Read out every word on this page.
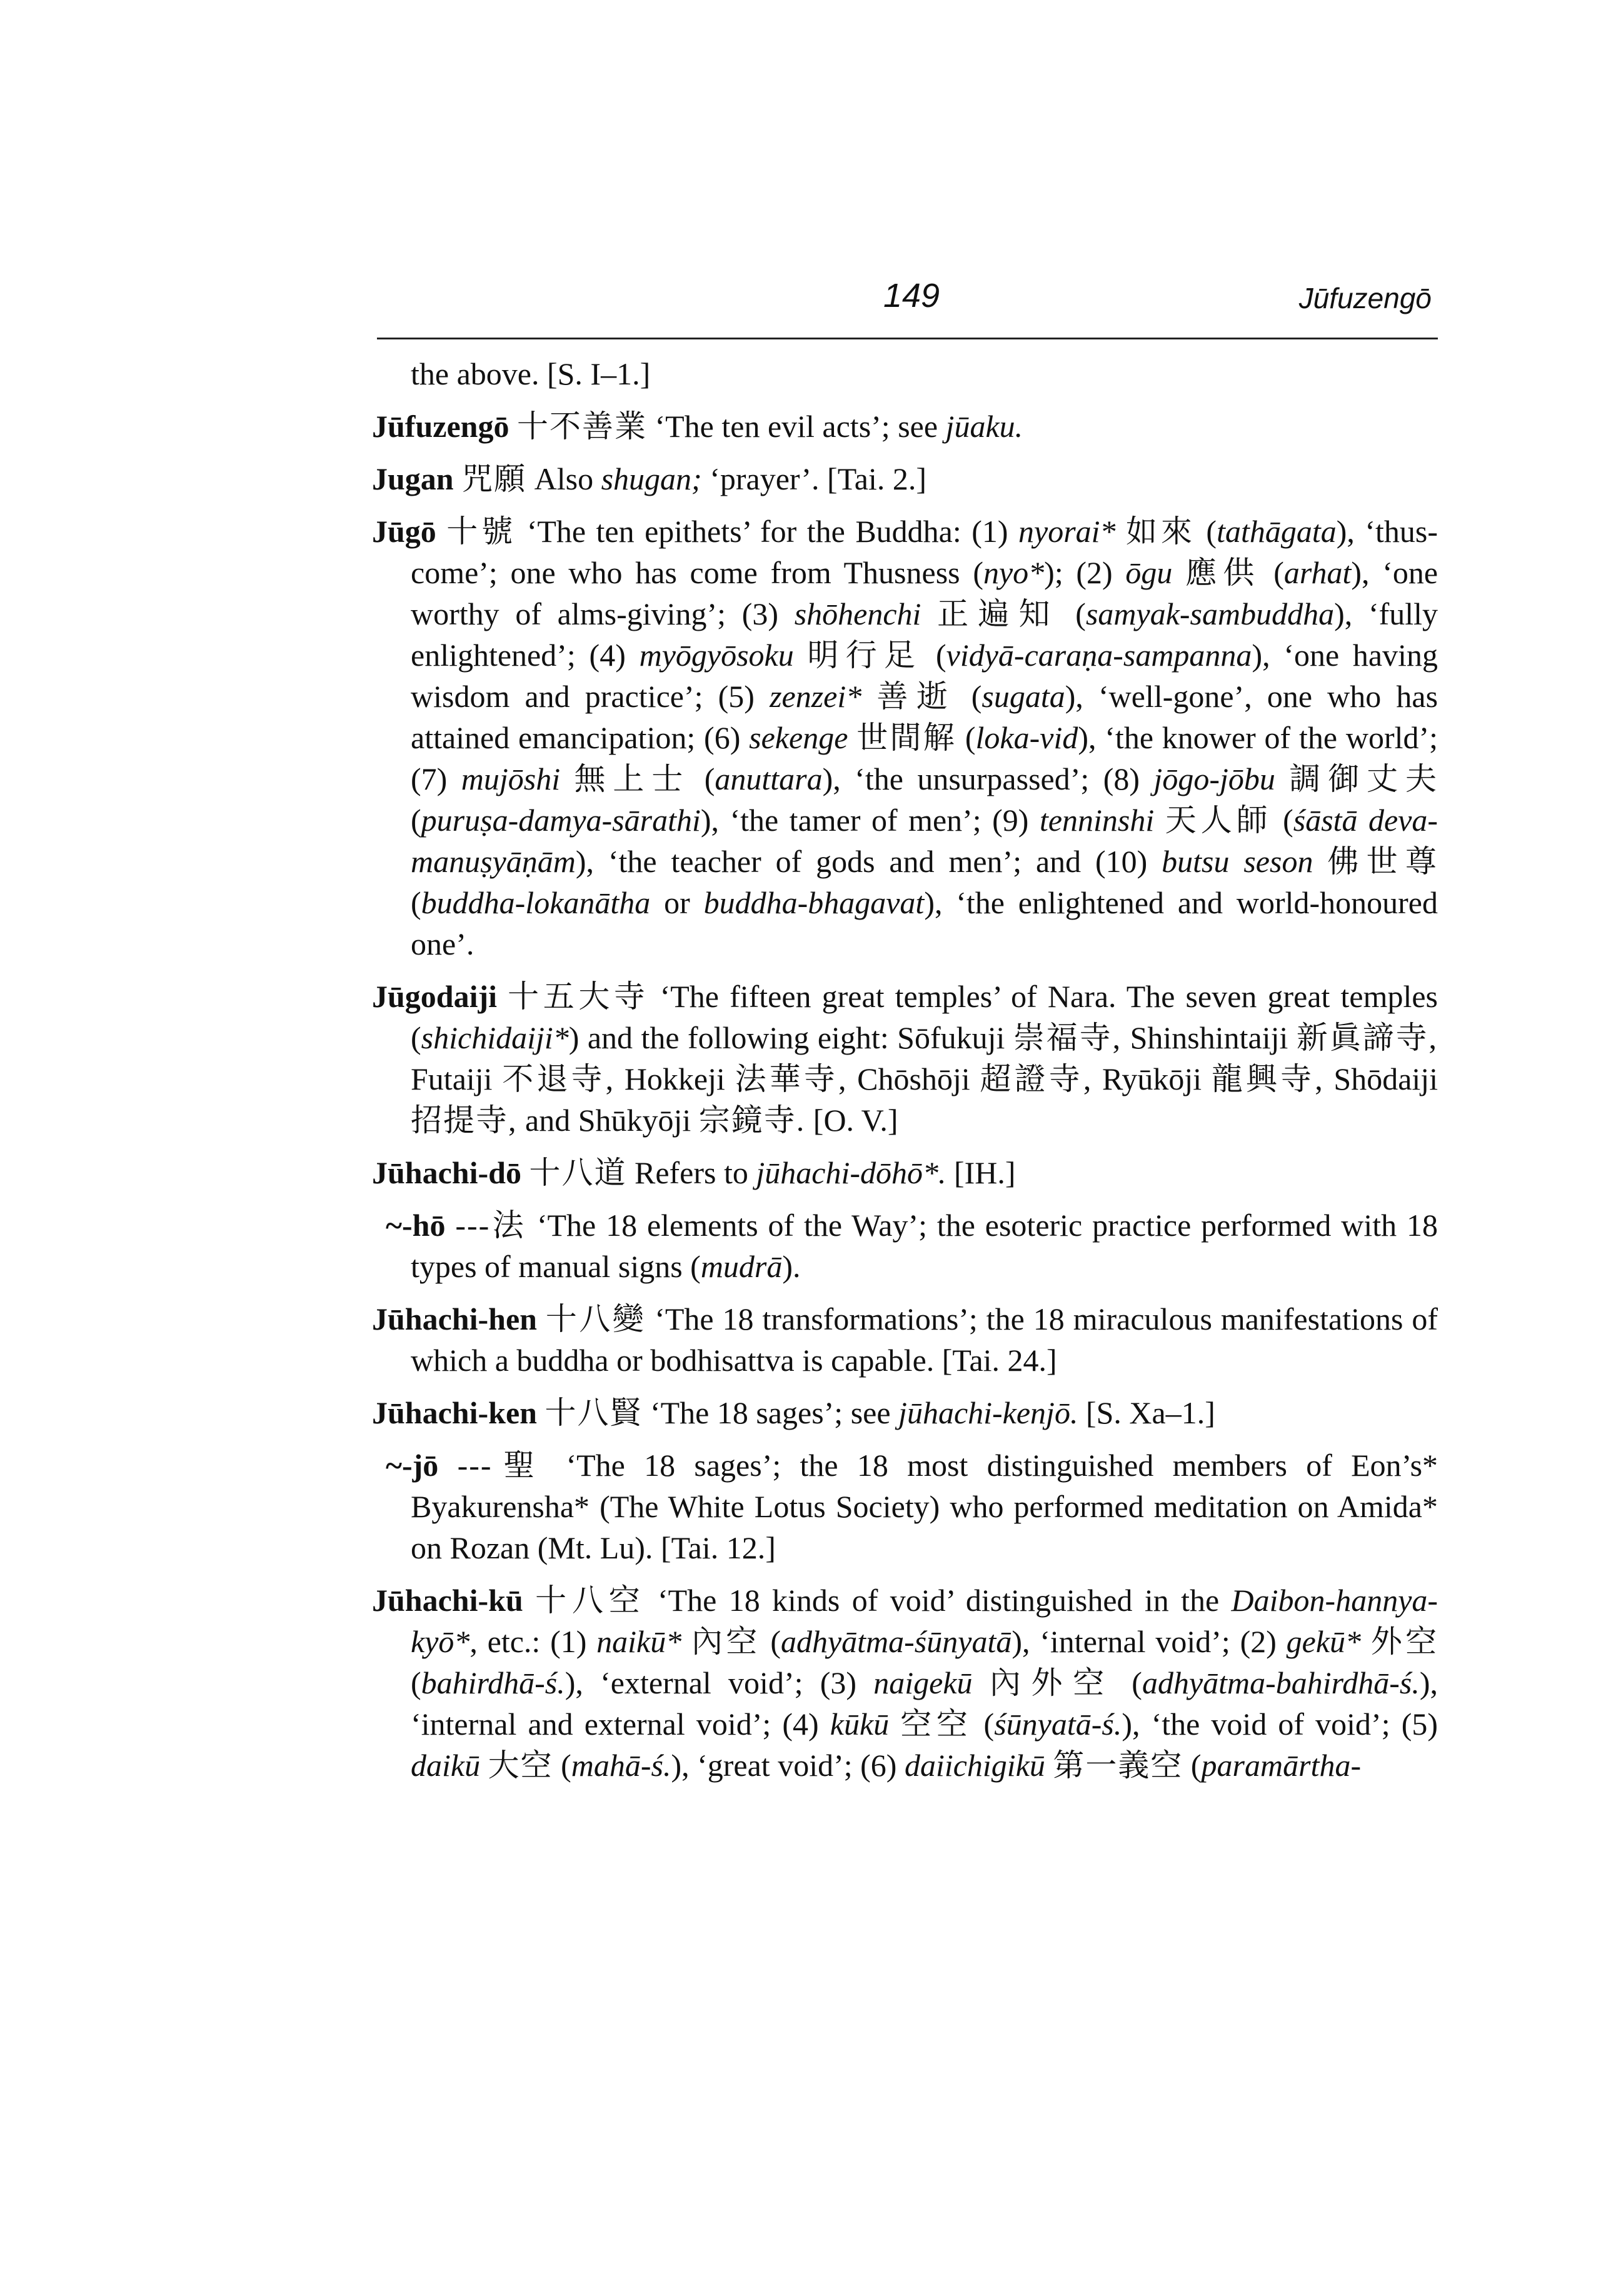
149	Jūfuzengō

the above. [S. I–1.]

Jūfuzengō 十不善業 ‘The ten evil acts’; see jūaku.

Jugan 咒願 Also shugan; ‘prayer’. [Tai. 2.]

Jūgō 十號 ‘The ten epithets’ for the Buddha: (1) nyorai* 如來 (tathāgata), ‘thus-come’; one who has come from Thusness (nyo*); (2) ōgu 應供 (arhat), ‘one worthy of alms-giving’; (3) shōhenchi 正遍知 (samyak-sambuddha), ‘fully enlightened’; (4) myōgyōsoku 明行足 (vidyā-caraṇa-sampanna), ‘one having wisdom and practice’; (5) zenzei* 善逝 (sugata), ‘well-gone’, one who has attained emancipation; (6) sekenge 世間解 (loka-vid), ‘the knower of the world’; (7) mujōshi 無上士 (anuttara), ‘the unsurpassed’; (8) jōgo-jōbu 調御丈夫 (puruṣa-damya-sārathi), ‘the tamer of men’; (9) tenninshi 天人師 (śāstā deva-manuṣyāṇām), ‘the teacher of gods and men’; and (10) butsu seson 佛世尊 (buddha-lokanātha or buddha-bhagavat), ‘the enlightened and world-honoured one’.

Jūgodaiji 十五大寺 ‘The fifteen great temples’ of Nara. The seven great temples (shichidaiji*) and the following eight: Sōfukuji 崇福寺, Shinshintaiji 新眞諦寺, Futaiji 不退寺, Hokkeji 法華寺, Chōshōji 超證寺, Ryūkōji 龍興寺, Shōdaiji 招提寺, and Shūkyōji 宗鏡寺. [O. V.]

Jūhachi-dō 十八道 Refers to jūhachi-dōhō*. [IH.]

~-hō ---法 ‘The 18 elements of the Way’; the esoteric practice performed with 18 types of manual signs (mudrā).

Jūhachi-hen 十八變 ‘The 18 transformations’; the 18 miraculous manifestations of which a buddha or bodhisattva is capable. [Tai. 24.]

Jūhachi-ken 十八賢 ‘The 18 sages’; see jūhachi-kenjō. [S. Xa–1.]

~-jō ---聖 ‘The 18 sages’; the 18 most distinguished members of Eon’s* Byakurensha* (The White Lotus Society) who performed meditation on Amida* on Rozan (Mt. Lu). [Tai. 12.]

Jūhachi-kū 十八空 ‘The 18 kinds of void’ distinguished in the Daibon-hannya-kyō*, etc.: (1) naikū* 內空 (adhyātma-śūnyatā), ‘internal void’; (2) gekū* 外空 (bahirdhā-ś.), ‘external void’; (3) naigekū 內外空 (adhyātma-bahirdhā-ś.), ‘internal and external void’; (4) kūkū 空空 (śūnyatā-ś.), ‘the void of void’; (5) daikū 大空 (mahā-ś.), ‘great void’; (6) daiichigikū 第一義空 (paramārtha-
